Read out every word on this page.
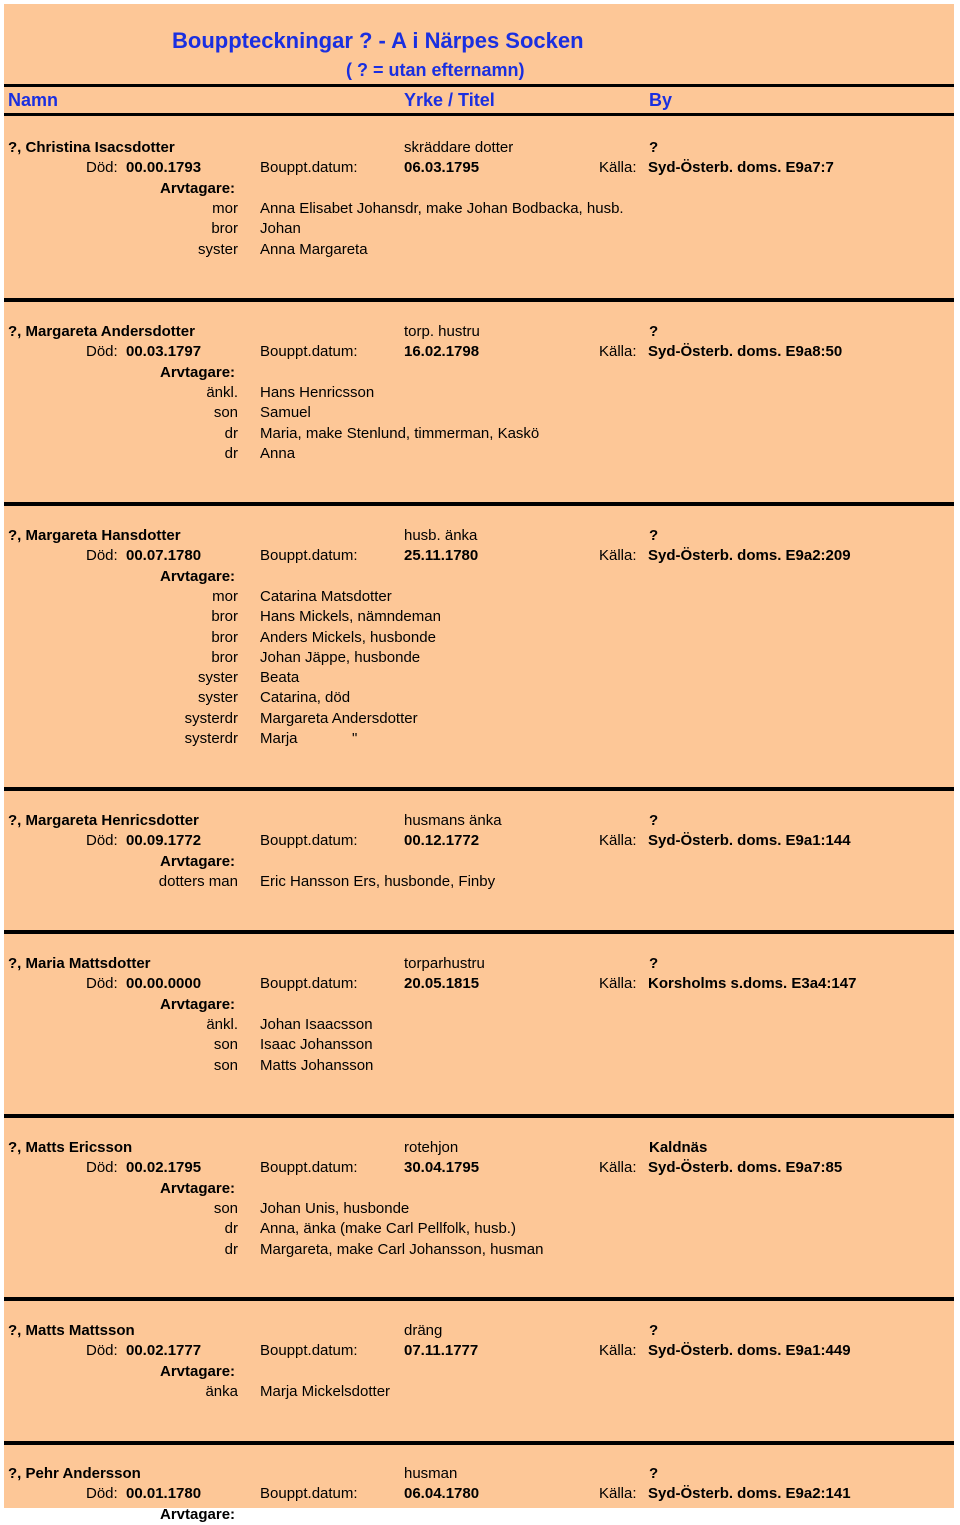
Bouppteckningar ? - A i Närpes Socken
( ? = utan efternamn)
Namn	Yrke / Titel	By
?, Christina Isacsdotter	skräddare dotter	?
Död: 00.00.1793	Bouppt.datum:	06.03.1795	Källa: Syd-Österb. doms. E9a7:7
Arvtagare:
mor Anna Elisabet Johansdr, make Johan Bodbacka, husb.
bror Johan
syster Anna Margareta
?, Margareta Andersdotter	torp. hustru	?
Död: 00.03.1797	Bouppt.datum:	16.02.1798	Källa: Syd-Österb. doms. E9a8:50
Arvtagare:
änkl. Hans Henricsson
son Samuel
dr Maria, make Stenlund, timmerman, Kaskö
dr Anna
?, Margareta Hansdotter	husb. änka	?
Död: 00.07.1780	Bouppt.datum:	25.11.1780	Källa: Syd-Österb. doms. E9a2:209
Arvtagare:
mor Catarina Matsdotter
bror Hans Mickels, nämndeman
bror Anders Mickels, husbonde
bror Johan Jäppe, husbonde
syster Beata
syster Catarina, död
systerdr Margareta Andersdotter
systerdr Marja	"
?, Margareta Henricsdotter	husmans änka	?
Död: 00.09.1772	Bouppt.datum:	00.12.1772	Källa: Syd-Österb. doms. E9a1:144
Arvtagare:
dotters man Eric Hansson Ers, husbonde, Finby
?, Maria Mattsdotter	torparhustru	?
Död: 00.00.0000	Bouppt.datum:	20.05.1815	Källa: Korsholms s.doms. E3a4:147
Arvtagare:
änkl. Johan Isaacsson
son Isaac Johansson
son Matts Johansson
?, Matts Ericsson	rotehjon	Kaldnäs
Död: 00.02.1795	Bouppt.datum:	30.04.1795	Källa: Syd-Österb. doms. E9a7:85
Arvtagare:
son Johan Unis, husbonde
dr Anna, änka (make Carl Pellfolk, husb.)
dr Margareta, make Carl Johansson, husman
?, Matts Mattsson	dräng	?
Död: 00.02.1777	Bouppt.datum:	07.11.1777	Källa: Syd-Österb. doms. E9a1:449
Arvtagare:
änka Marja Mickelsdotter
?, Pehr Andersson	husman	?
Död: 00.01.1780	Bouppt.datum:	06.04.1780	Källa: Syd-Österb. doms. E9a2:141
Arvtagare:
